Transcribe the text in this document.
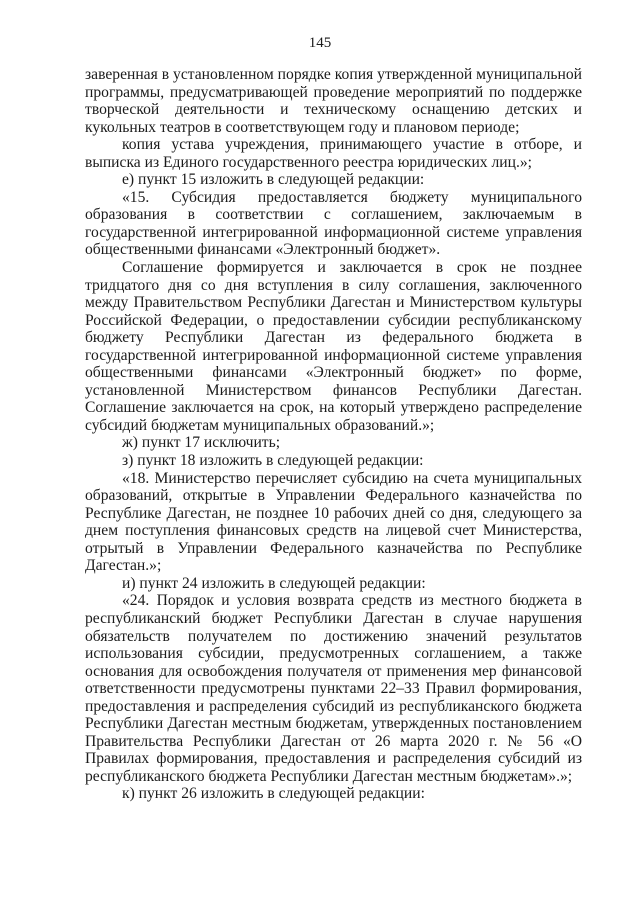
145

заверенная в установленном порядке копия утвержденной муниципальной программы, предусматривающей проведение мероприятий по поддержке творческой деятельности и техническому оснащению детских и кукольных театров в соответствующем году и плановом периоде;

копия устава учреждения, принимающего участие в отборе, и выписка из Единого государственного реестра юридических лиц.»;

е) пункт 15 изложить в следующей редакции:

«15. Субсидия предоставляется бюджету муниципального образования в соответствии с соглашением, заключаемым в государственной интегрированной информационной системе управления общественными финансами «Электронный бюджет».

Соглашение формируется и заключается в срок не позднее тридцатого дня со дня вступления в силу соглашения, заключенного между Правительством Республики Дагестан и Министерством культуры Российской Федерации, о предоставлении субсидии республиканскому бюджету Республики Дагестан из федерального бюджета в государственной интегрированной информационной системе управления общественными финансами «Электронный бюджет» по форме, установленной Министерством финансов Республики Дагестан. Соглашение заключается на срок, на который утверждено распределение субсидий бюджетам муниципальных образований.»;

ж) пункт 17 исключить;

з) пункт 18 изложить в следующей редакции:

«18. Министерство перечисляет субсидию на счета муниципальных образований, открытые в Управлении Федерального казначейства по Республике Дагестан, не позднее 10 рабочих дней со дня, следующего за днем поступления финансовых средств на лицевой счет Министерства, отрытый в Управлении Федерального казначейства по Республике Дагестан.»;

и) пункт 24 изложить в следующей редакции:

«24. Порядок и условия возврата средств из местного бюджета в республиканский бюджет Республики Дагестан в случае нарушения обязательств получателем по достижению значений результатов использования субсидии, предусмотренных соглашением, а также основания для освобождения получателя от применения мер финансовой ответственности предусмотрены пунктами 22–33 Правил формирования, предоставления и распределения субсидий из республиканского бюджета Республики Дагестан местным бюджетам, утвержденных постановлением Правительства Республики Дагестан от 26 марта 2020 г. № 56 «О Правилах формирования, предоставления и распределения субсидий из республиканского бюджета Республики Дагестан местным бюджетам».»;

к) пункт 26 изложить в следующей редакции:
